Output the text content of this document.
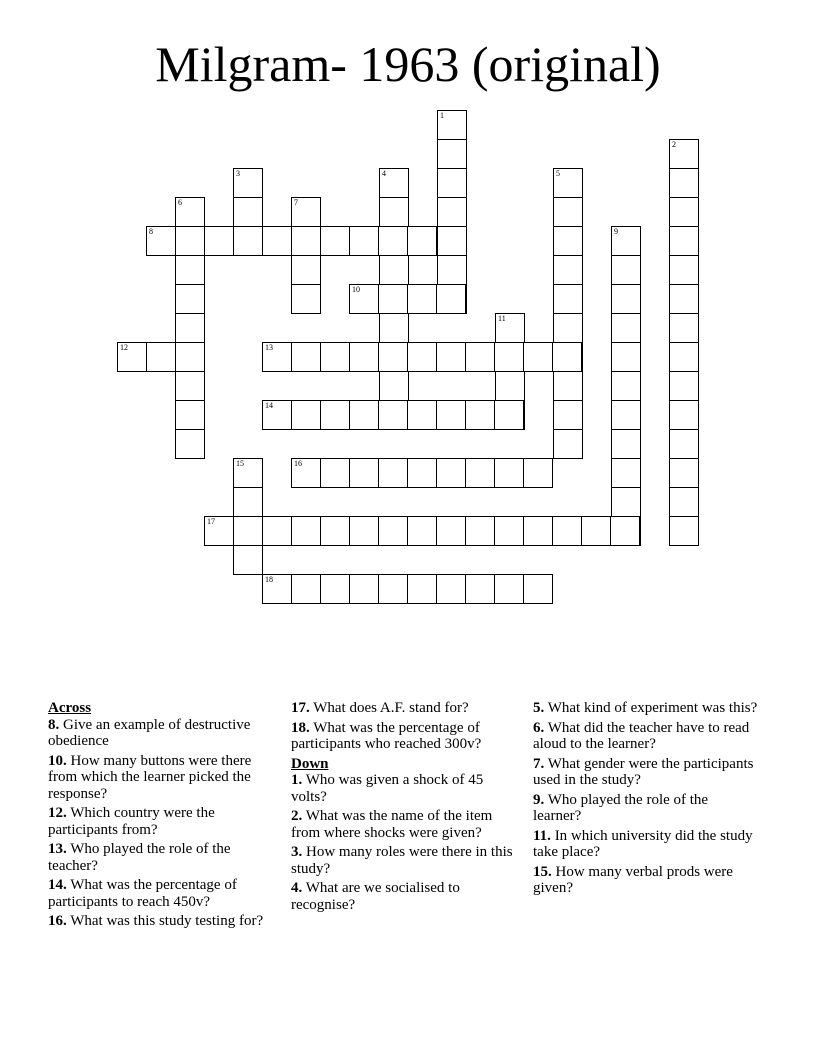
Milgram- 1963 (original)
1
2
3	4	5
6	7
9
11
15
8
10
12	13
14
16
17
18
Across
8. Give an example of destructive obedience
10. How many buttons were there from which the learner picked the response?
12. Which country were the participants from?
13. Who played the role of the teacher?
14. What was the percentage of participants to reach 450v?
16. What was this study testing for?
17. What does A.F. stand for?
18. What was the percentage of participants who reached 300v?
Down
1. Who was given a shock of 45 volts?
2. What was the name of the item from where shocks were given?
3. How many roles were there in this study?
4. What are we socialised to recognise?
5. What kind of experiment was this?
6. What did the teacher have to read aloud to the learner?
7. What gender were the participants used in the study?
9. Who played the role of the learner?
11. In which university did the study take place?
15. How many verbal prods were given?
